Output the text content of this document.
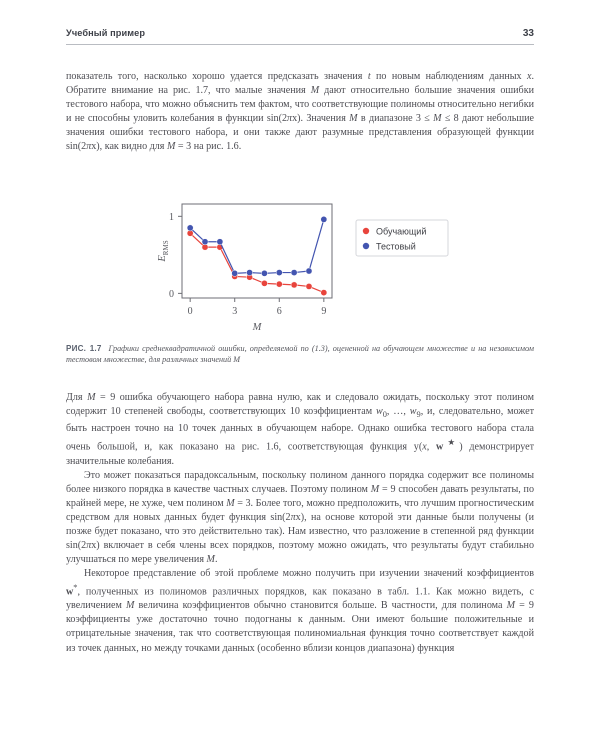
Учебный пример	33

показатель того, насколько хорошо удается предсказать значения t по новым наблюдениям данных x. Обратите внимание на рис. 1.7, что малые значения M дают относительно большие значения ошибки тестового набора, что можно объяснить тем фактом, что соответствующие полиномы относительно негибки и не способны уловить колебания в функции sin(2πx). Значения M в диапазоне 3 ≤ M ≤ 8 дают небольшие значения ошибки тестового набора, и они также дают разумные представления образующей функции sin(2πx), как видно для M = 3 на рис. 1.6.

0	3	6	9
0
1
M
$E_{RMS}$
Обучающий
Тестовый
РИС. 1.7 Графики среднеквадратичной ошибки, определяемой по (1.3), оцененной на обучающем множестве и на независимом тестовом множестве, для различных значений M

Для M = 9 ошибка обучающего набора равна нулю, как и следовало ожидать, поскольку этот полином содержит 10 степеней свободы, соответствующих 10 коэффициентам $w_0$, …, $w_9$, и, следовательно, может быть настроен точно на 10 точек данных в обучающем наборе. Однако ошибка тестового набора стала очень большой, и, как показано на рис. 1.6, соответствующая функция y(x, w★) демонстрирует значительные колебания.

Это может показаться парадоксальным, поскольку полином данного порядка содержит все полиномы более низкого порядка в качестве частных случаев. Поэтому полином M = 9 способен давать результаты, по крайней мере, не хуже, чем полином M = 3. Более того, можно предположить, что лучшим прогностическим средством для новых данных будет функция sin(2πx), на основе которой эти данные были получены (и позже будет показано, что это действительно так). Нам известно, что разложение в степенной ряд функции sin(2πx) включает в себя члены всех порядков, поэтому можно ожидать, что результаты будут стабильно улучшаться по мере увеличения M.

Некоторое представление об этой проблеме можно получить при изучении значений коэффициентов w*, полученных из полиномов различных порядков, как показано в табл. 1.1. Как можно видеть, с увеличением M величина коэффициентов обычно становится больше. В частности, для полинома M = 9 коэффициенты уже достаточно точно подогнаны к данным. Они имеют большие положительные и отрицательные значения, так что соответствующая полиномиальная функция точно соответствует каждой из точек данных, но между точками данных (особенно вблизи концов диапазона) функция
